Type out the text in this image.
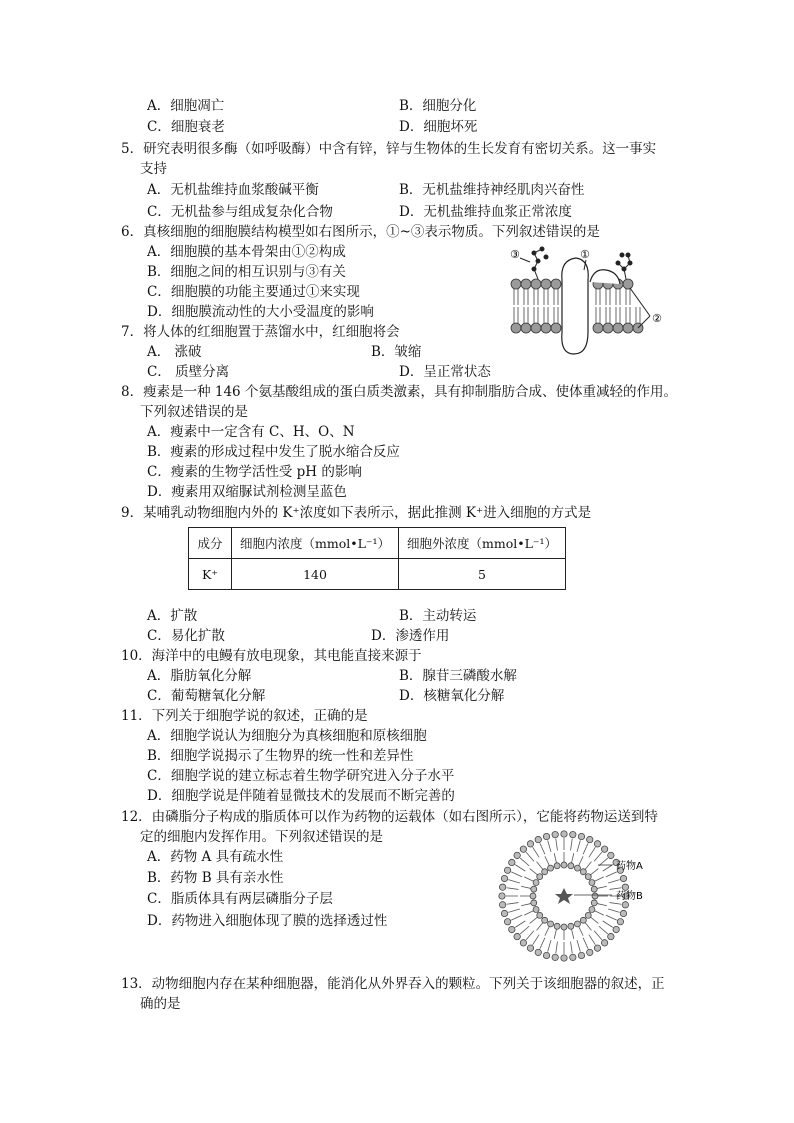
A．细胞凋亡	B．细胞分化
C．细胞衰老	D．细胞坏死
5．研究表明很多酶（如呼吸酶）中含有锌，锌与生物体的生长发育有密切关系。这一事实
支持
A．无机盐维持血浆酸碱平衡	B．无机盐维持神经肌肉兴奋性
C．无机盐参与组成复杂化合物	D．无机盐维持血浆正常浓度
6．真核细胞的细胞膜结构模型如右图所示，①~③表示物质。下列叙述错误的是
A．细胞膜的基本骨架由①②构成
B．细胞之间的相互识别与③有关
C．细胞膜的功能主要通过①来实现
D．细胞膜流动性的大小受温度的影响
③	①
②
7．将人体的红细胞置于蒸馏水中，红细胞将会
A． 涨破	B．皱缩
C． 质壁分离	D．呈正常状态
8．瘦素是一种 146 个氨基酸组成的蛋白质类激素，具有抑制脂肪合成、使体重减轻的作用。
下列叙述错误的是
A．瘦素中一定含有 C、H、O、N
B．瘦素的形成过程中发生了脱水缩合反应
C．瘦素的生物学活性受 pH 的影响
D．瘦素用双缩脲试剂检测呈蓝色
9．某哺乳动物细胞内外的 K⁺浓度如下表所示，据此推测 K⁺进入细胞的方式是
成分	细胞内浓度（mmol•L⁻¹）	细胞外浓度（mmol•L⁻¹）
K⁺	140	5
A．扩散	B．主动转运
C．易化扩散	D．渗透作用
10．海洋中的电鳗有放电现象，其电能直接来源于
A．脂肪氧化分解	B．腺苷三磷酸水解
C．葡萄糖氧化分解	D．核糖氧化分解
11．下列关于细胞学说的叙述，正确的是
A．细胞学说认为细胞分为真核细胞和原核细胞
B．细胞学说揭示了生物界的统一性和差异性
C．细胞学说的建立标志着生物学研究进入分子水平
D．细胞学说是伴随着显微技术的发展而不断完善的
12．由磷脂分子构成的脂质体可以作为药物的运载体（如右图所示），它能将药物运送到特
定的细胞内发挥作用。下列叙述错误的是
A．药物 A 具有疏水性
B．药物 B 具有亲水性
C．脂质体具有两层磷脂分子层
D．药物进入细胞体现了膜的选择透过性
药物A
药物B
13．动物细胞内存在某种细胞器，能消化从外界吞入的颗粒。下列关于该细胞器的叙述，正
确的是
